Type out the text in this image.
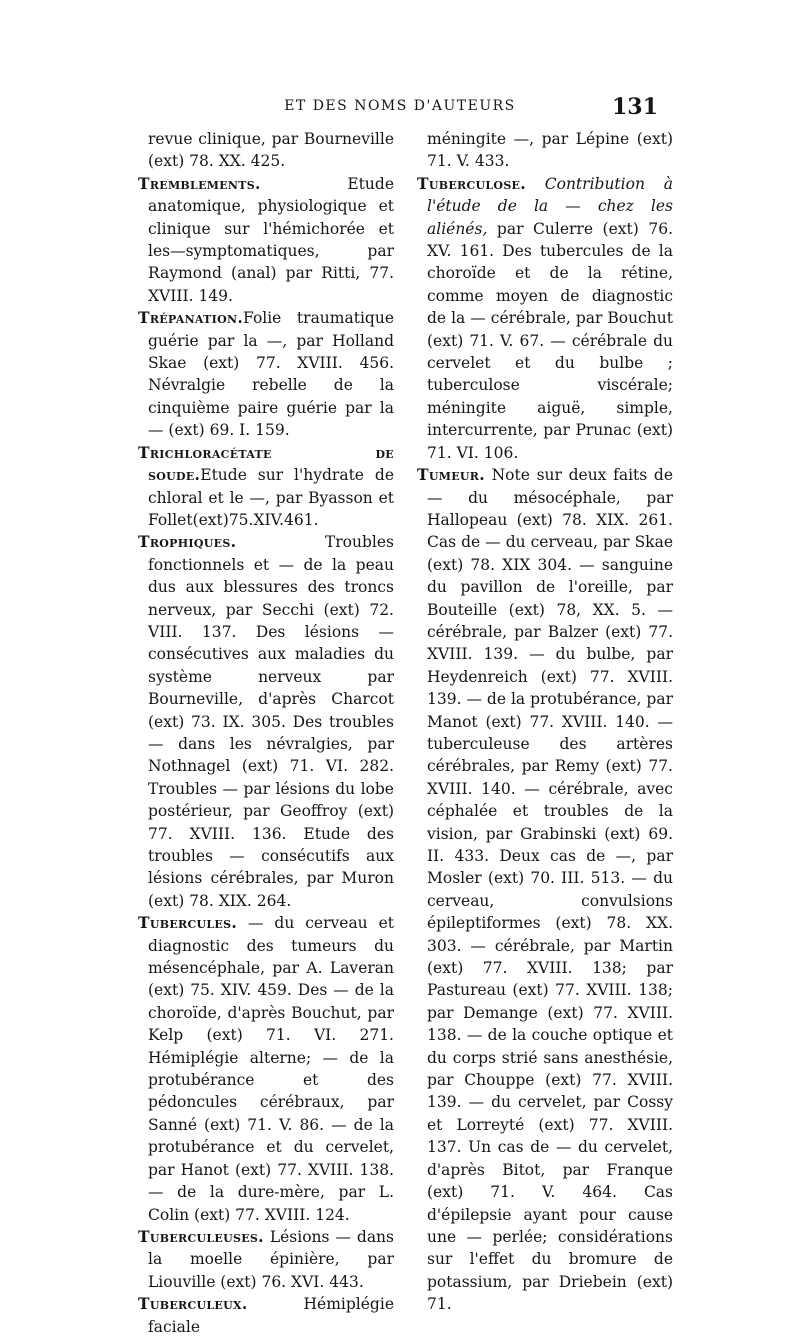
ET DES NOMS D'AUTEURS	131

revue clinique, par Bourneville (ext) 78. XX. 425.

Tremblements. Etude anatomique, physiologique et clinique sur l'hémichorée et les—symptomatiques, par Raymond (anal) par Ritti, 77. XVIII. 149.

Trépanation.Folie traumatique guérie par la —, par Holland Skae (ext) 77. XVIII. 456. Névralgie rebelle de la cinquième paire guérie par la — (ext) 69. I. 159.

Trichloracétate de soude.Etude sur l'hydrate de chloral et le —, par Byasson et Follet(ext)75.XIV.461.

Trophiques. Troubles fonctionnels et — de la peau dus aux blessures des troncs nerveux, par Secchi (ext) 72. VIII. 137. Des lésions — consécutives aux maladies du système nerveux par Bourneville, d'après Charcot (ext) 73. IX. 305. Des troubles — dans les névralgies, par Nothnagel (ext) 71. VI. 282. Troubles — par lésions du lobe postérieur, par Geoffroy (ext) 77. XVIII. 136. Etude des troubles — consécutifs aux lésions cérébrales, par Muron (ext) 78. XIX. 264.

Tubercules. — du cerveau et diagnostic des tumeurs du mésencéphale, par A. Laveran (ext) 75. XIV. 459. Des — de la choroïde, d'après Bouchut, par Kelp (ext) 71. VI. 271. Hémiplégie alterne; — de la protubérance et des pédoncules cérébraux, par Sanné (ext) 71. V. 86. — de la protubérance et du cervelet, par Hanot (ext) 77. XVIII. 138. — de la dure-mère, par L. Colin (ext) 77. XVIII. 124.

Tuberculeuses. Lésions — dans la moelle épinière, par Liouville (ext) 76. XVI. 443.

Tuberculeux. Hémiplégie faciale

méningite —, par Lépine (ext) 71. V. 433.

Tuberculose. Contribution à l'étude de la — chez les aliénés, par Culerre (ext) 76. XV. 161. Des tubercules de la choroïde et de la rétine, comme moyen de diagnostic de la — cérébrale, par Bouchut (ext) 71. V. 67. — cérébrale du cervelet et du bulbe ; tuberculose viscérale; méningite aiguë, simple, intercurrente, par Prunac (ext) 71. VI. 106.

Tumeur. Note sur deux faits de — du mésocéphale, par Hallopeau (ext) 78. XIX. 261. Cas de — du cerveau, par Skae (ext) 78. XIX 304. — sanguine du pavillon de l'oreille, par Bouteille (ext) 78, XX. 5. — cérébrale, par Balzer (ext) 77. XVIII. 139. — du bulbe, par Heydenreich (ext) 77. XVIII. 139. — de la protubérance, par Manot (ext) 77. XVIII. 140. — tuberculeuse des artères cérébrales, par Remy (ext) 77. XVIII. 140. — cérébrale, avec céphalée et troubles de la vision, par Grabinski (ext) 69. II. 433. Deux cas de —, par Mosler (ext) 70. III. 513. — du cerveau, convulsions épileptiformes (ext) 78. XX. 303. — cérébrale, par Martin (ext) 77. XVIII. 138; par Pastureau (ext) 77. XVIII. 138; par Demange (ext) 77. XVIII. 138. — de la couche optique et du corps strié sans anesthésie, par Chouppe (ext) 77. XVIII. 139. — du cervelet, par Cossy et Lorreyté (ext) 77. XVIII. 137. Un cas de — du cervelet, d'après Bitot, par Franque (ext) 71. V. 464. Cas d'épilepsie ayant pour cause une — perlée; considérations sur l'effet du bromure de potassium, par Driebein (ext) 71.
